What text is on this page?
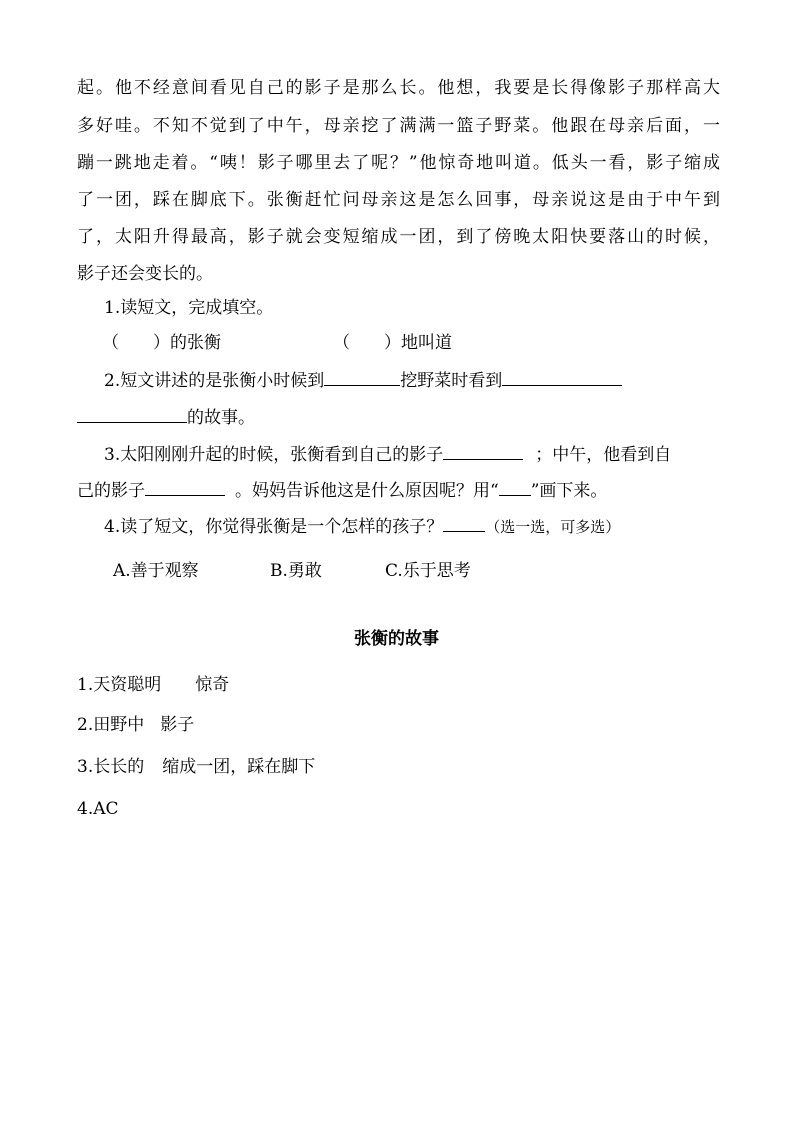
起。他不经意间看见自己的影子是那么长。他想，我要是长得像影子那样高大
多好哇。不知不觉到了中午，母亲挖了满满一篮子野菜。他跟在母亲后面，一
蹦一跳地走着。“咦！影子哪里去了呢？”他惊奇地叫道。低头一看，影子缩成
了一团，踩在脚底下。张衡赶忙问母亲这是怎么回事，母亲说这是由于中午到
了，太阳升得最高，影子就会变短缩成一团，到了傍晚太阳快要落山的时候，
影子还会变长的。
1.读短文，完成填空。
（　　）的张衡	（　　）地叫道
2.短文讲述的是张衡小时候到	挖野菜时看到
的故事。
3.太阳刚刚升起的时候，张衡看到自己的影子	；中午，他看到自
己的影子	。妈妈告诉他这是什么原因呢？用“ ”画下来。
4.读了短文，你觉得张衡是一个怎样的孩子？	（选一选，可多选）
A.善于观察	B.勇敢	C.乐于思考
张衡的故事
1.天资聪明 惊奇
2.田野中 影子
3.长长的 缩成一团，踩在脚下
4.AC
